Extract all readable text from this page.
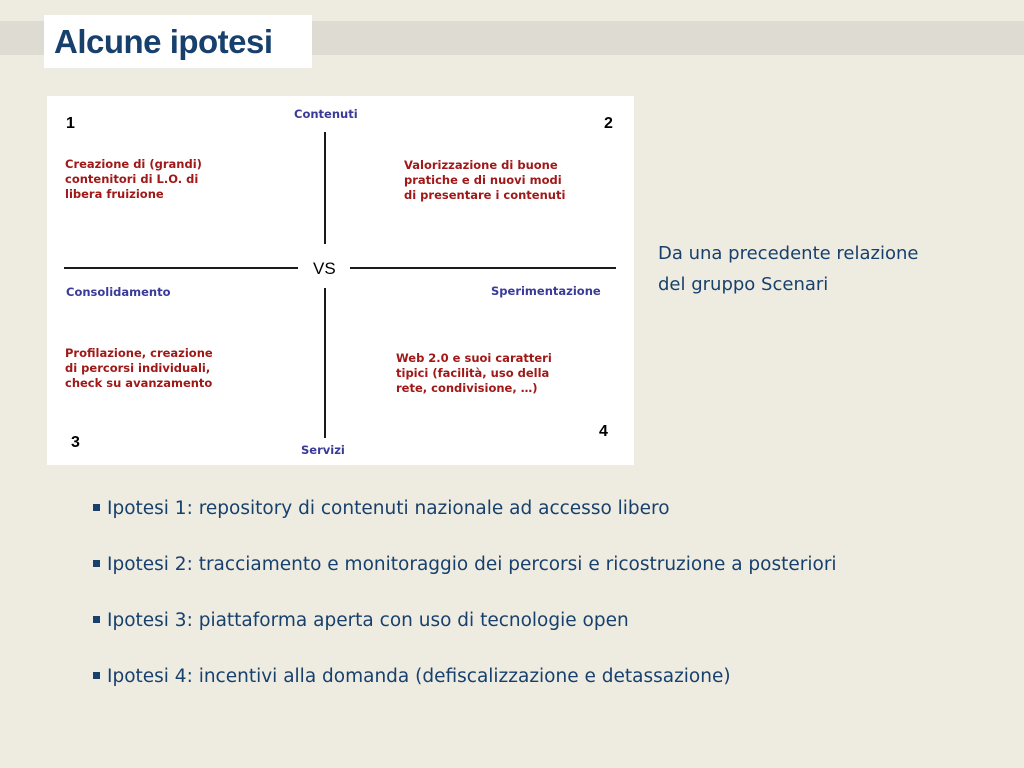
Alcune ipotesi

Contenuti

Servizi

Consolidamento	Sperimentazione

VS

1	2

3

4

Creazione di (grandi)
contenitori di L.O. di
libera fruizione

Valorizzazione di buone
pratiche e di nuovi modi
di presentare i contenuti

Profilazione, creazione
di percorsi individuali,
check su avanzamento

Web 2.0 e suoi caratteri
tipici (facilità, uso della
rete, condivisione, …)

Da una precedente relazione
del gruppo Scenari

Ipotesi 1: repository di contenuti nazionale ad accesso libero
Ipotesi 2: tracciamento e monitoraggio dei percorsi e ricostruzione a posteriori
Ipotesi 3: piattaforma aperta con uso di tecnologie open
Ipotesi 4: incentivi alla domanda (defiscalizzazione e detassazione)
